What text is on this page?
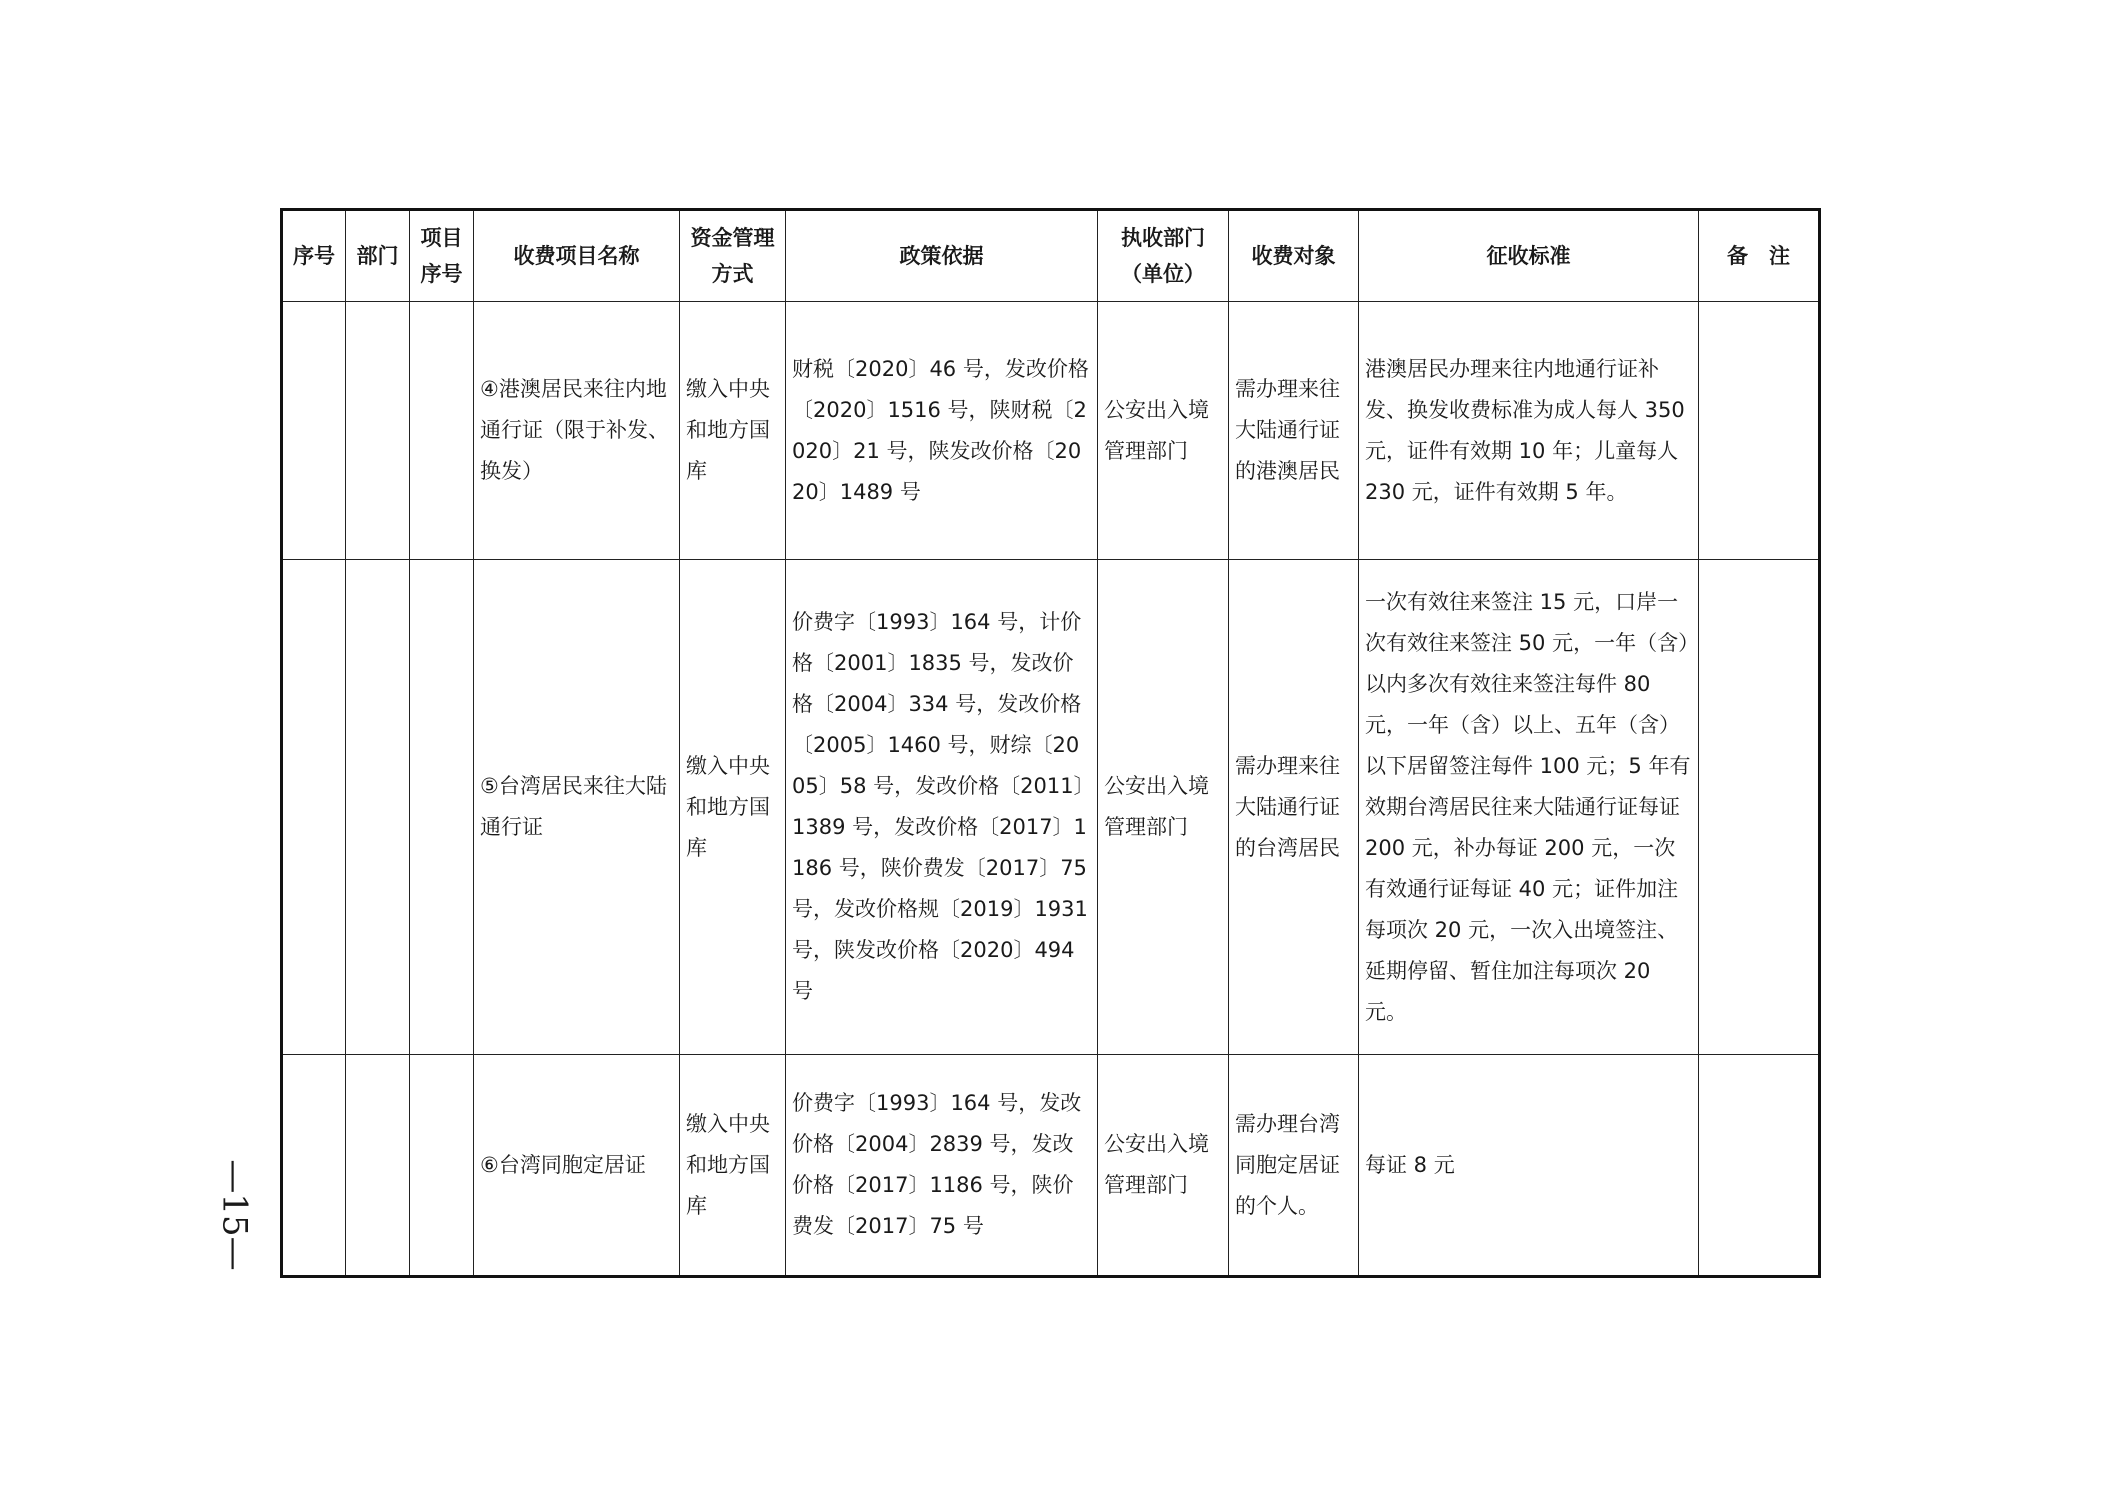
—15—
序号	部门	项目序号	收费项目名称	资金管理方式	政策依据	执收部门（单位）	收费对象	征收标准	备　注
			④港澳居民来往内地通行证（限于补发、换发）	缴入中央和地方国库	财税〔2020〕46 号，发改价格〔2020〕1516 号，陕财税〔2020〕21 号，陕发改价格〔2020〕1489 号	公安出入境管理部门	需办理来往大陆通行证的港澳居民	港澳居民办理来往内地通行证补发、换发收费标准为成人每人 350 元，证件有效期 10 年；儿童每人 230 元，证件有效期 5 年。	
			⑤台湾居民来往大陆通行证	缴入中央和地方国库	价费字〔1993〕164 号，计价格〔2001〕1835 号，发改价格〔2004〕334 号，发改价格〔2005〕1460 号，财综〔2005〕58 号，发改价格〔2011〕1389 号，发改价格〔2017〕1186 号，陕价费发〔2017〕75 号，发改价格规〔2019〕1931 号，陕发改价格〔2020〕494 号	公安出入境管理部门	需办理来往大陆通行证的台湾居民	一次有效往来签注 15 元，口岸一次有效往来签注 50 元，一年（含）以内多次有效往来签注每件 80 元，一年（含）以上、五年（含）以下居留签注每件 100 元；5 年有效期台湾居民往来大陆通行证每证 200 元，补办每证 200 元，一次有效通行证每证 40 元；证件加注每项次 20 元，一次入出境签注、延期停留、暂住加注每项次 20 元。	
			⑥台湾同胞定居证	缴入中央和地方国库	价费字〔1993〕164 号，发改价格〔2004〕2839 号，发改价格〔2017〕1186 号，陕价费发〔2017〕75 号	公安出入境管理部门	需办理台湾同胞定居证的个人。	每证 8 元	
